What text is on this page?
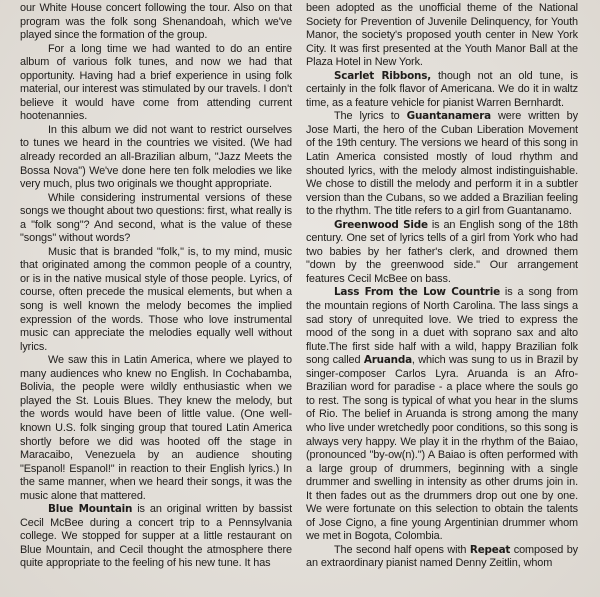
our White House concert following the tour. Also on that program was the folk song Shenandoah, which we've played since the formation of the group.

For a long time we had wanted to do an entire album of various folk tunes, and now we had that opportunity. Having had a brief experience in using folk material, our interest was stimulated by our travels. I don't believe it would have come from attending current hootenannies.

In this album we did not want to restrict ourselves to tunes we heard in the countries we visited. (We had already recorded an all-Brazilian album, "Jazz Meets the Bossa Nova") We've done here ten folk melodies we like very much, plus two originals we thought appropriate.

While considering instrumental versions of these songs we thought about two questions: first, what really is a "folk song"? And second, what is the value of these "songs" without words?

Music that is branded "folk," is, to my mind, music that originated among the common people of a country, or is in the native musical style of those people. Lyrics, of course, often precede the musical elements, but when a song is well known the melody becomes the implied expression of the words. Those who love instrumental music can appreciate the melodies equally well without lyrics.

We saw this in Latin America, where we played to many audiences who knew no English. In Cochabamba, Bolivia, the people were wildly enthusiastic when we played the St. Louis Blues. They knew the melody, but the words would have been of little value. (One well-known U.S. folk singing group that toured Latin America shortly before we did was hooted off the stage in Maracaibo, Venezuela by an audience shouting "Espanol! Espanol!" in reaction to their English lyrics.) In the same manner, when we heard their songs, it was the music alone that mattered.

Blue Mountain is an original written by bassist Cecil McBee during a concert trip to a Pennsylvania college. We stopped for supper at a little restaurant on Blue Mountain, and Cecil thought the atmosphere there quite appropriate to the feeling of his new tune. It has

been adopted as the unofficial theme of the National Society for Prevention of Juvenile Delinquency, for Youth Manor, the society's proposed youth center in New York City. It was first presented at the Youth Manor Ball at the Plaza Hotel in New York.

Scarlet Ribbons, though not an old tune, is certainly in the folk flavor of Americana. We do it in waltz time, as a feature vehicle for pianist Warren Bernhardt.

The lyrics to Guantanamera were written by Jose Marti, the hero of the Cuban Liberation Movement of the 19th century. The versions we heard of this song in Latin America consisted mostly of loud rhythm and shouted lyrics, with the melody almost indistinguishable. We chose to distill the melody and perform it in a subtler version than the Cubans, so we added a Brazilian feeling to the rhythm. The title refers to a girl from Guantanamo.

Greenwood Side is an English song of the 18th century. One set of lyrics tells of a girl from York who had two babies by her father's clerk, and drowned them "down by the greenwood side." Our arrangement features Cecil McBee on bass.

Lass From the Low Countrie is a song from the mountain regions of North Carolina. The lass sings a sad story of unrequited love. We tried to express the mood of the song in a duet with soprano sax and alto flute.The first side half with a wild, happy Brazilian folk song called Aruanda, which was sung to us in Brazil by singer-composer Carlos Lyra. Aruanda is an Afro-Brazilian word for paradise - a place where the souls go to rest. The song is typical of what you hear in the slums of Rio. The belief in Aruanda is strong among the many who live under wretchedly poor conditions, so this song is always very happy. We play it in the rhythm of the Baiao, (pronounced "by-ow(n).") A Baiao is often performed with a large group of drummers, beginning with a single drummer and swelling in intensity as other drums join in. It then fades out as the drummers drop out one by one. We were fortunate on this selection to obtain the talents of Jose Cigno, a fine young Argentinian drummer whom we met in Bogota, Colombia.

The second half opens with Repeat composed by an extraordinary pianist named Denny Zeitlin, whom
